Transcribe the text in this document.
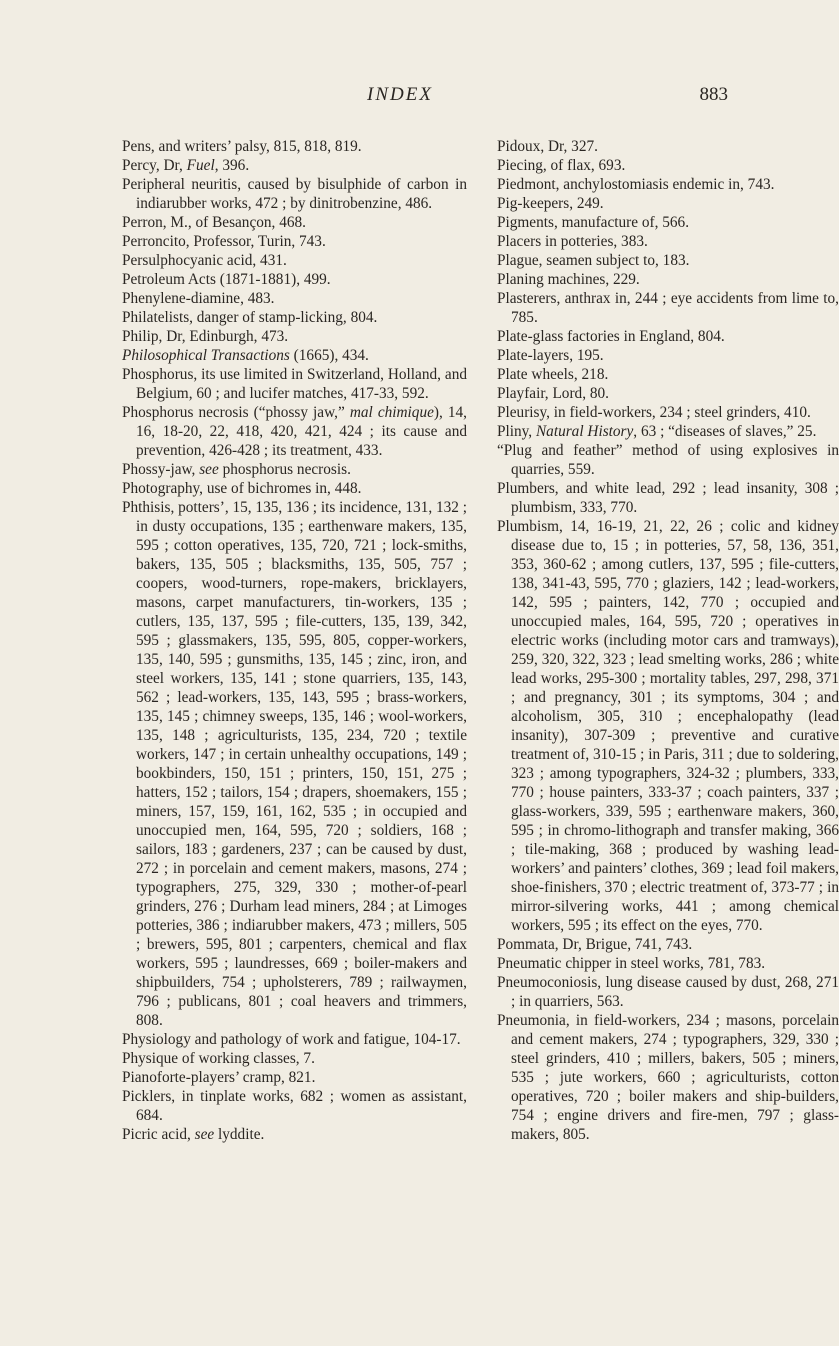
INDEX	883

Pens, and writers’ palsy, 815, 818, 819.

Percy, Dr, Fuel, 396.

Peripheral neuritis, caused by bisulphide of carbon in indiarubber works, 472 ; by dinitrobenzine, 486.

Perron, M., of Besançon, 468.

Perroncito, Professor, Turin, 743.

Persulphocyanic acid, 431.

Petroleum Acts (1871-1881), 499.

Phenylene-diamine, 483.

Philatelists, danger of stamp-licking, 804.

Philip, Dr, Edinburgh, 473.

Philosophical Transactions (1665), 434.

Phosphorus, its use limited in Switzerland, Holland, and Belgium, 60 ; and lucifer matches, 417-33, 592.

Phosphorus necrosis (“phossy jaw,” mal chimique), 14, 16, 18-20, 22, 418, 420, 421, 424 ; its cause and prevention, 426-428 ; its treatment, 433.

Phossy-jaw, see phosphorus necrosis.

Photography, use of bichromes in, 448.

Phthisis, potters’, 15, 135, 136 ; its incidence, 131, 132 ; in dusty occupations, 135 ; earthenware makers, 135, 595 ; cotton operatives, 135, 720, 721 ; lock-smiths, bakers, 135, 505 ; blacksmiths, 135, 505, 757 ; coopers, wood-turners, rope-makers, bricklayers, masons, carpet manufacturers, tin-workers, 135 ; cutlers, 135, 137, 595 ; file-cutters, 135, 139, 342, 595 ; glassmakers, 135, 595, 805, copper-workers, 135, 140, 595 ; gunsmiths, 135, 145 ; zinc, iron, and steel workers, 135, 141 ; stone quarriers, 135, 143, 562 ; lead-workers, 135, 143, 595 ; brass-workers, 135, 145 ; chimney sweeps, 135, 146 ; wool-workers, 135, 148 ; agriculturists, 135, 234, 720 ; textile workers, 147 ; in certain unhealthy occupations, 149 ; bookbinders, 150, 151 ; printers, 150, 151, 275 ; hatters, 152 ; tailors, 154 ; drapers, shoemakers, 155 ; miners, 157, 159, 161, 162, 535 ; in occupied and unoccupied men, 164, 595, 720 ; soldiers, 168 ; sailors, 183 ; gardeners, 237 ; can be caused by dust, 272 ; in porcelain and cement makers, masons, 274 ; typographers, 275, 329, 330 ; mother-of-pearl grinders, 276 ; Durham lead miners, 284 ; at Limoges potteries, 386 ; indiarubber makers, 473 ; millers, 505 ; brewers, 595, 801 ; carpenters, chemical and flax workers, 595 ; laundresses, 669 ; boiler-makers and shipbuilders, 754 ; upholsterers, 789 ; railwaymen, 796 ; publicans, 801 ; coal heavers and trimmers, 808.

Physiology and pathology of work and fatigue, 104-17.

Physique of working classes, 7.

Pianoforte-players’ cramp, 821.

Picklers, in tinplate works, 682 ; women as assistant, 684.

Picric acid, see lyddite.

Pidoux, Dr, 327.

Piecing, of flax, 693.

Piedmont, anchylostomiasis endemic in, 743.

Pig-keepers, 249.

Pigments, manufacture of, 566.

Placers in potteries, 383.

Plague, seamen subject to, 183.

Planing machines, 229.

Plasterers, anthrax in, 244 ; eye accidents from lime to, 785.

Plate-glass factories in England, 804.

Plate-layers, 195.

Plate wheels, 218.

Playfair, Lord, 80.

Pleurisy, in field-workers, 234 ; steel grinders, 410.

Pliny, Natural History, 63 ; “diseases of slaves,” 25.

“Plug and feather” method of using explosives in quarries, 559.

Plumbers, and white lead, 292 ; lead insanity, 308 ; plumbism, 333, 770.

Plumbism, 14, 16-19, 21, 22, 26 ; colic and kidney disease due to, 15 ; in potteries, 57, 58, 136, 351, 353, 360-62 ; among cutlers, 137, 595 ; file-cutters, 138, 341-43, 595, 770 ; glaziers, 142 ; lead-workers, 142, 595 ; painters, 142, 770 ; occupied and unoccupied males, 164, 595, 720 ; operatives in electric works (including motor cars and tramways), 259, 320, 322, 323 ; lead smelting works, 286 ; white lead works, 295-300 ; mortality tables, 297, 298, 371 ; and pregnancy, 301 ; its symptoms, 304 ; and alcoholism, 305, 310 ; encephalopathy (lead insanity), 307-309 ; preventive and curative treatment of, 310-15 ; in Paris, 311 ; due to soldering, 323 ; among typographers, 324-32 ; plumbers, 333, 770 ; house painters, 333-37 ; coach painters, 337 ; glass-workers, 339, 595 ; earthenware makers, 360, 595 ; in chromo-lithograph and transfer making, 366 ; tile-making, 368 ; produced by washing lead-workers’ and painters’ clothes, 369 ; lead foil makers, shoe-finishers, 370 ; electric treatment of, 373-77 ; in mirror-silvering works, 441 ; among chemical workers, 595 ; its effect on the eyes, 770.

Pommata, Dr, Brigue, 741, 743.

Pneumatic chipper in steel works, 781, 783.

Pneumoconiosis, lung disease caused by dust, 268, 271 ; in quarriers, 563.

Pneumonia, in field-workers, 234 ; masons, porcelain and cement makers, 274 ; typographers, 329, 330 ; steel grinders, 410 ; millers, bakers, 505 ; miners, 535 ; jute workers, 660 ; agriculturists, cotton operatives, 720 ; boiler makers and ship-builders, 754 ; engine drivers and fire-men, 797 ; glass-makers, 805.
